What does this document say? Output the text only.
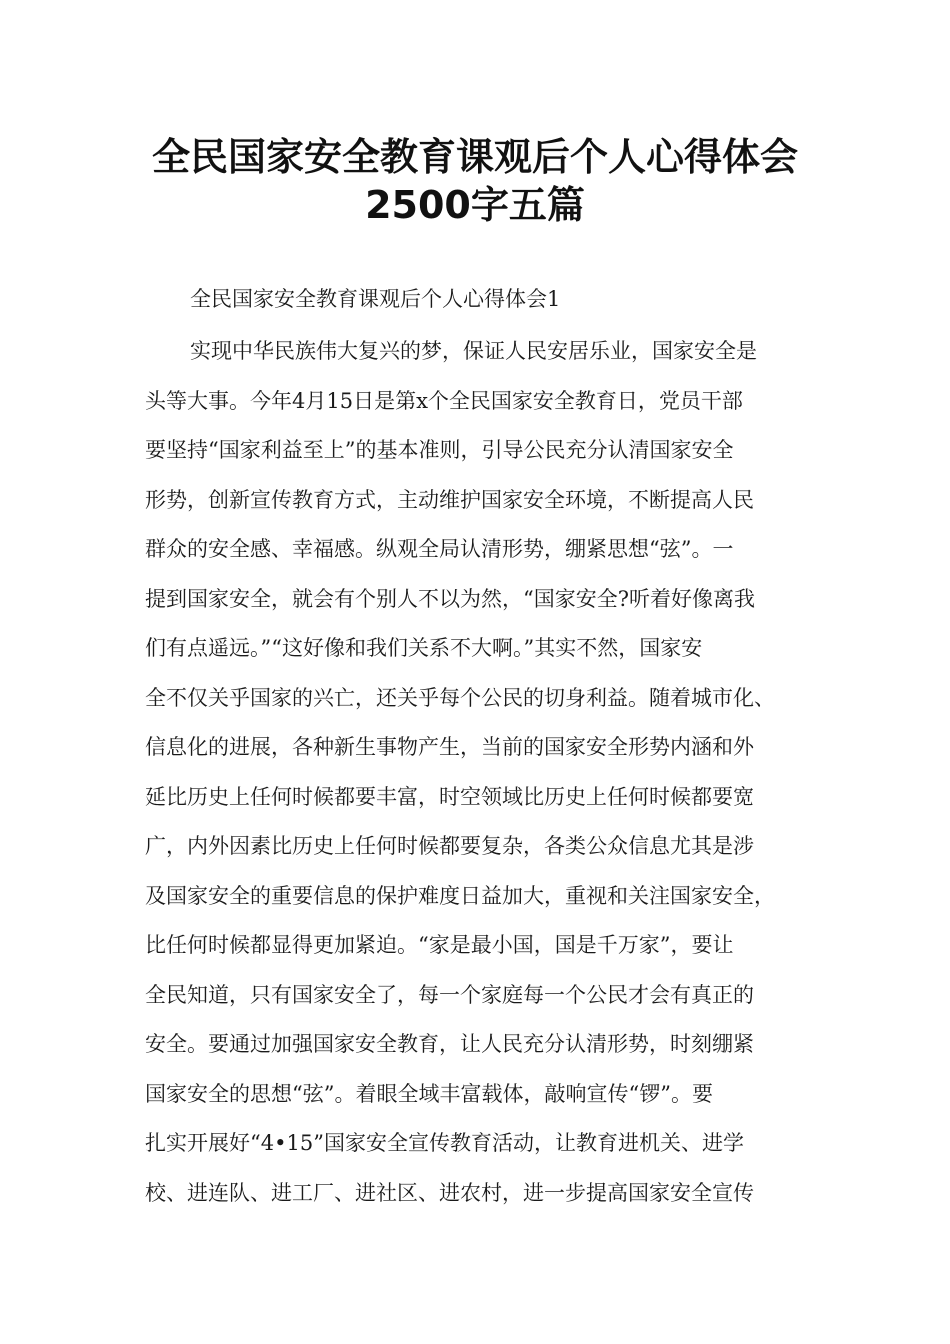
全民国家安全教育课观后个人心得体会
2500字五篇

全民国家安全教育课观后个人心得体会1

实现中华民族伟大复兴的梦，保证人民安居乐业，国家安全是
头等大事。今年4月15日是第x个全民国家安全教育日，党员干部
要坚持“国家利益至上”的基本准则，引导公民充分认清国家安全
形势，创新宣传教育方式，主动维护国家安全环境，不断提高人民
群众的安全感、幸福感。纵观全局认清形势，绷紧思想“弦”。一
提到国家安全，就会有个别人不以为然，“国家安全?听着好像离我
们有点遥远。”“这好像和我们关系不大啊。”其实不然，国家安
全不仅关乎国家的兴亡，还关乎每个公民的切身利益。随着城市化、
信息化的进展，各种新生事物产生，当前的国家安全形势内涵和外
延比历史上任何时候都要丰富，时空领域比历史上任何时候都要宽
广，内外因素比历史上任何时候都要复杂，各类公众信息尤其是涉
及国家安全的重要信息的保护难度日益加大，重视和关注国家安全，
比任何时候都显得更加紧迫。“家是最小国，国是千万家”，要让
全民知道，只有国家安全了，每一个家庭每一个公民才会有真正的
安全。要通过加强国家安全教育，让人民充分认清形势，时刻绷紧
国家安全的思想“弦”。着眼全域丰富载体，敲响宣传“锣”。要
扎实开展好“4•15”国家安全宣传教育活动，让教育进机关、进学
校、进连队、进工厂、进社区、进农村，进一步提高国家安全宣传
